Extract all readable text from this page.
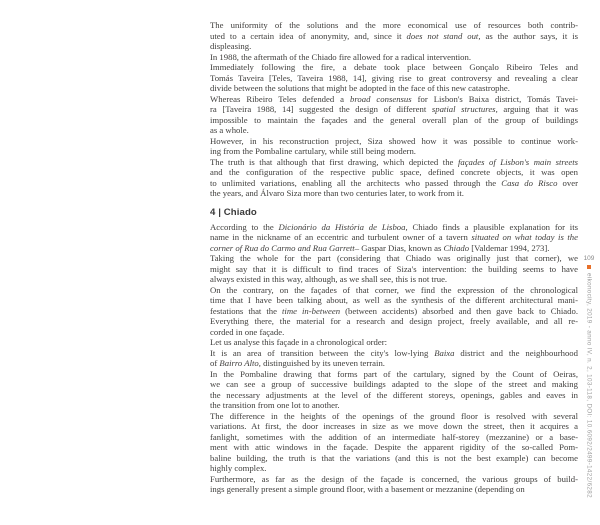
The uniformity of the solutions and the more economical use of resources both contrib-
uted to a certain idea of anonymity, and, since it does not stand out, as the author says, it is
displeasing.
In 1988, the aftermath of the Chiado fire allowed for a radical intervention.
Immediately following the fire, a debate took place between Gonçalo Ribeiro Teles and
Tomás Taveira [Teles, Taveira 1988, 14], giving rise to great controversy and revealing a clear
divide between the solutions that might be adopted in the face of this new catastrophe.
Whereas Ribeiro Teles defended a broad consensus for Lisbon's Baixa district, Tomás Tavei-
ra [Taveira 1988, 14] suggested the design of different spatial structures, arguing that it was
impossible to maintain the façades and the general overall plan of the group of buildings
as a whole.
However, in his reconstruction project, Siza showed how it was possible to continue work-
ing from the Pombaline cartulary, while still being modern.
The truth is that although that first drawing, which depicted the façades of Lisbon's main streets
and the configuration of the respective public space, defined concrete objects, it was open
to unlimited variations, enabling all the architects who passed through the Casa do Risco over
the years, and Álvaro Siza more than two centuries later, to work from it.
4 | Chiado
According to the Dicionário da História de Lisboa, Chiado finds a plausible explanation for its
name in the nickname of an eccentric and turbulent owner of a tavern situated on what today is the
corner of Rua do Carmo and Rua Garrett– Gaspar Dias, known as Chiado [Valdemar 1994, 273].
Taking the whole for the part (considering that Chiado was originally just that corner), we
might say that it is difficult to find traces of Siza's intervention: the building seems to have
always existed in this way, although, as we shall see, this is not true.
On the contrary, on the façades of that corner, we find the expression of the chronological
time that I have been talking about, as well as the synthesis of the different architectural mani-
festations that the time in-between (between accidents) absorbed and then gave back to Chiado.
Everything there, the material for a research and design project, freely available, and all re-
corded in one façade.
Let us analyse this façade in a chronological order:
It is an area of transition between the city's low-lying Baixa district and the neighbourhood
of Bairro Alto, distinguished by its uneven terrain.
In the Pombaline drawing that forms part of the cartulary, signed by the Count of Oeiras,
we can see a group of successive buildings adapted to the slope of the street and making
the necessary adjustments at the level of the different storeys, openings, gables and eaves in
the transition from one lot to another.
The difference in the heights of the openings of the ground floor is resolved with several
variations. At first, the door increases in size as we move down the street, then it acquires a
fanlight, sometimes with the addition of an intermediate half-storey (mezzanine) or a base-
ment with attic windows in the façade. Despite the apparent rigidity of the so-called Pom-
baline building, the truth is that the variations (and this is not the best example) can become
highly complex.
Furthermore, as far as the design of the façade is concerned, the various groups of build-
ings generally present a simple ground floor, with a basement or mezzanine (depending on
109
eikonocity, 2019 - anno IV, n. 2, 103-118, DOI: 10.6092/2499-1422/6282
